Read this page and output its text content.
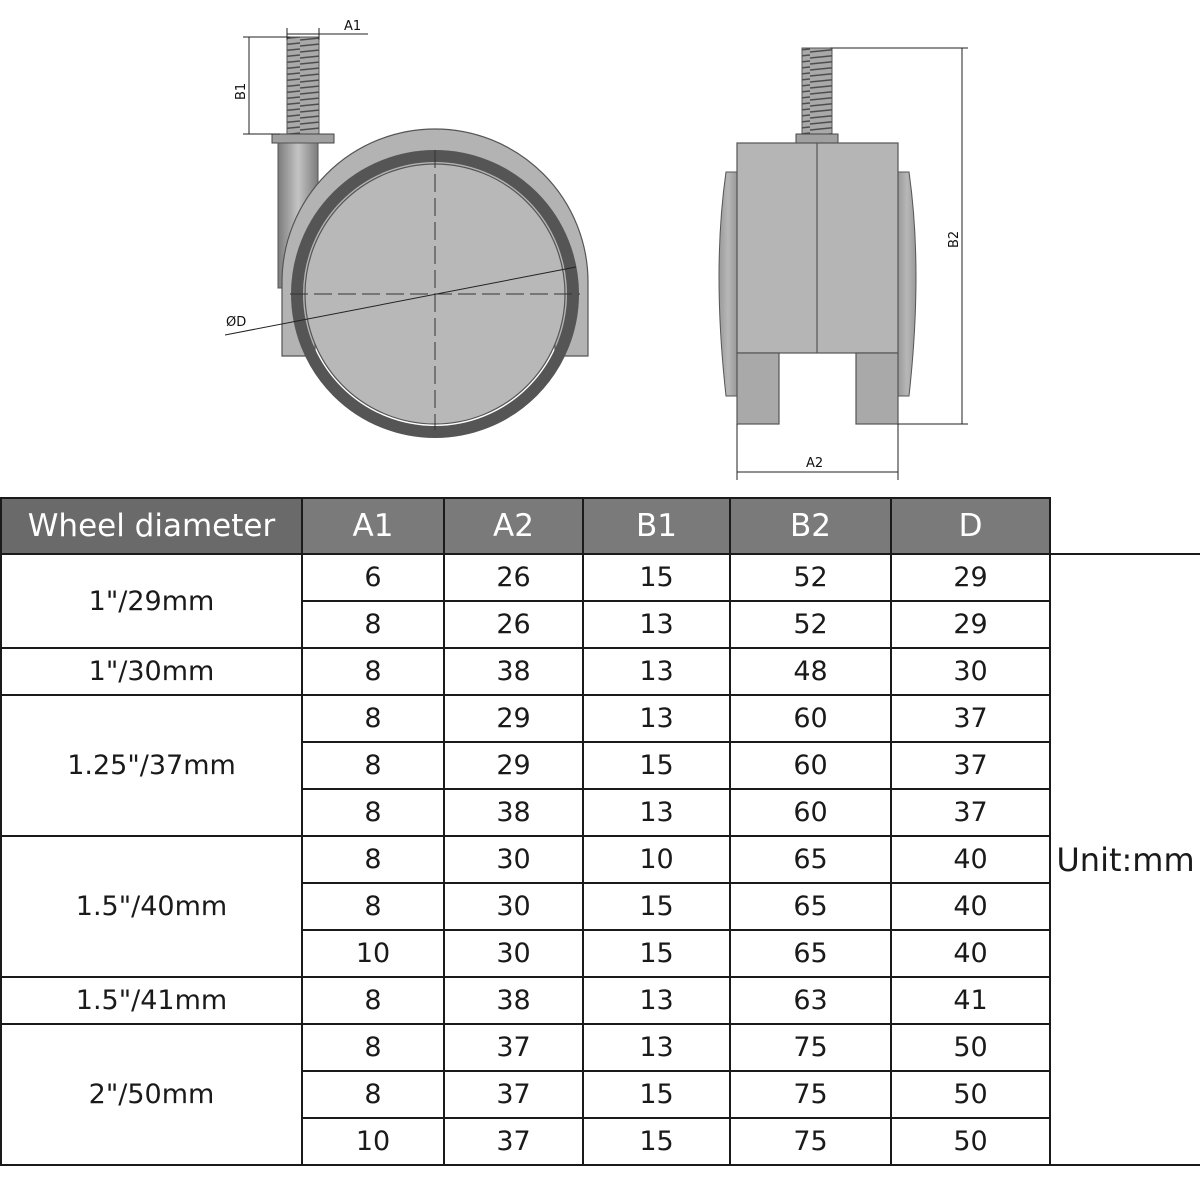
ØD
A1
B1
B2
A2
Wheel diameter	A1	A2	B1	B2	D	
1"/29mm	6	26	15	52	29	Unit:mm
	8	26	13	52	29	
1"/30mm	8	38	13	48	30	
1.25"/37mm	8	29	13	60	37	
	8	29	15	60	37	
	8	38	13	60	37	
1.5"/40mm	8	30	10	65	40	
	8	30	15	65	40	
	10	30	15	65	40	
1.5"/41mm	8	38	13	63	41	
2"/50mm	8	37	13	75	50	
	8	37	15	75	50	
	10	37	15	75	50	
